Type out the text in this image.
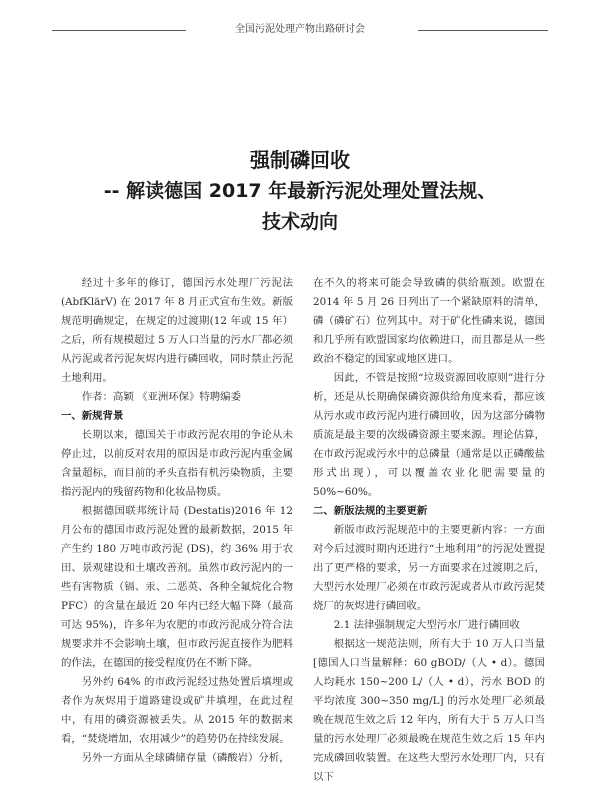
全国污泥处理产物出路研讨会
强制磷回收
-- 解读德国 2017 年最新污泥处理处置法规、
技术动向

经过十多年的修订，德国污水处理厂污泥法(AbfKlärV) 在 2017 年 8 月正式宣布生效。新版规范明确规定，在规定的过渡期(12 年或 15 年）之后，所有规模超过 5 万人口当量的污水厂都必须从污泥或者污泥灰烬内进行磷回收，同时禁止污泥土地利用。

作者：高颖 《亚洲环保》特聘编委

一、新规背景

长期以来，德国关于市政污泥农用的争论从未停止过，以前反对农用的原因是市政污泥内重金属含量超标，而目前的矛头直指有机污染物质，主要指污泥内的残留药物和化妆品物质。

根据德国联邦统计局 (Destatis)2016 年 12 月公布的德国市政污泥处置的最新数据，2015 年产生约 180 万吨市政污泥 (DS)，约 36% 用于农田、景观建设和土壤改善剂。虽然市政污泥内的一些有害物质（镉、汞、二恶英、各种全氟烷化合物PFC）的含量在最近 20 年内已经大幅下降（最高可达 95%)，许多年为农肥的市政污泥成分符合法规要求并不会影响土壤，但市政污泥直接作为肥料的作法，在德国的接受程度仍在不断下降。

另外约 64% 的市政污泥经过热处置后填埋或者作为灰烬用于道路建设或矿井填埋，在此过程中，有用的磷资源被丢失。从 2015 年的数据来看，“焚烧增加，农用减少”的趋势仍在持续发展。

另外一方面从全球磷储存量（磷酸岩）分析，

在不久的将来可能会导致磷的供给瓶颈。欧盟在 2014 年 5 月 26 日列出了一个紧缺原料的清单，磷（磷矿石）位列其中。对于矿化性磷来说，德国和几乎所有欧盟国家均依赖进口，而且都是从一些政治不稳定的国家或地区进口。

因此，不管是按照“垃圾资源回收原则”进行分析，还是从长期确保磷资源供给角度来看，都应该从污水或市政污泥内进行磷回收，因为这部分磷物质流是最主要的次级磷资源主要来源。理论估算，在市政污泥或污水中的总磷量（通常是以正磷酸盐形式出现），可以覆盖农业化肥需要量的 50%~60%。

二、新版法规的主要更新

新版市政污泥规范中的主要更新内容：一方面对今后过渡时期内还进行“土地利用”的污泥处置提出了更严格的要求，另一方面要求在过渡期之后，大型污水处理厂必须在市政污泥或者从市政污泥焚烧厂的灰烬进行磷回收。

2.1 法律强制规定大型污水厂进行磷回收

根据这一规范法则，所有大于 10 万人口当量[德国人口当量解释：60 gBOD/（人 • d）。德国人均耗水 150~200 L/（人 • d），污水 BOD 的平均浓度 300~350 mg/L] 的污水处理厂必须最晚在规范生效之后 12 年内，所有大于 5 万人口当量的污水处理厂必须最晚在规范生效之后 15 年内完成磷回收装置。在这些大型污水处理厂内，只有以下
